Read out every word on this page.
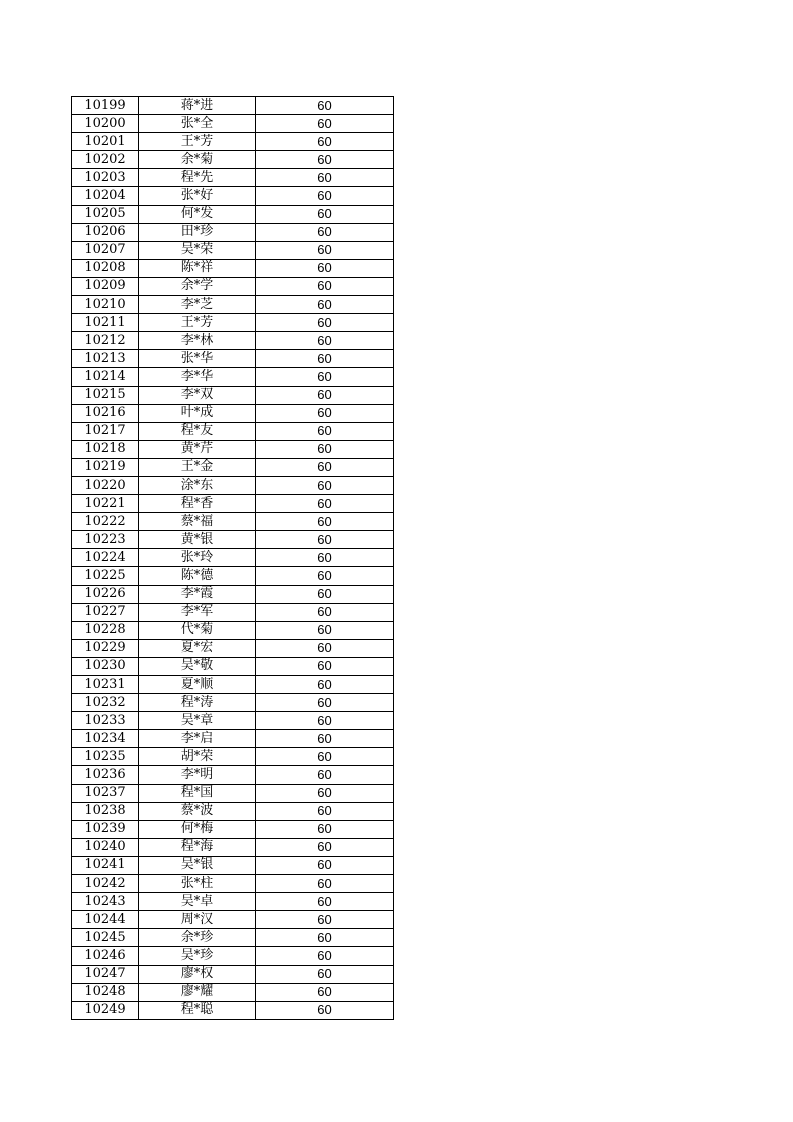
10199	蒋*进	60
10200	张*全	60
10201	王*芳	60
10202	余*菊	60
10203	程*先	60
10204	张*好	60
10205	何*发	60
10206	田*珍	60
10207	吴*荣	60
10208	陈*祥	60
10209	余*学	60
10210	李*芝	60
10211	王*芳	60
10212	李*林	60
10213	张*华	60
10214	李*华	60
10215	李*双	60
10216	叶*成	60
10217	程*友	60
10218	黄*芹	60
10219	王*金	60
10220	涂*东	60
10221	程*香	60
10222	蔡*福	60
10223	黄*银	60
10224	张*玲	60
10225	陈*德	60
10226	李*霞	60
10227	李*军	60
10228	代*菊	60
10229	夏*宏	60
10230	吴*敬	60
10231	夏*顺	60
10232	程*涛	60
10233	吴*章	60
10234	李*启	60
10235	胡*荣	60
10236	李*明	60
10237	程*国	60
10238	蔡*波	60
10239	何*梅	60
10240	程*海	60
10241	吴*银	60
10242	张*柱	60
10243	吴*卓	60
10244	周*汉	60
10245	余*珍	60
10246	吴*珍	60
10247	廖*权	60
10248	廖*耀	60
10249	程*聪	60
